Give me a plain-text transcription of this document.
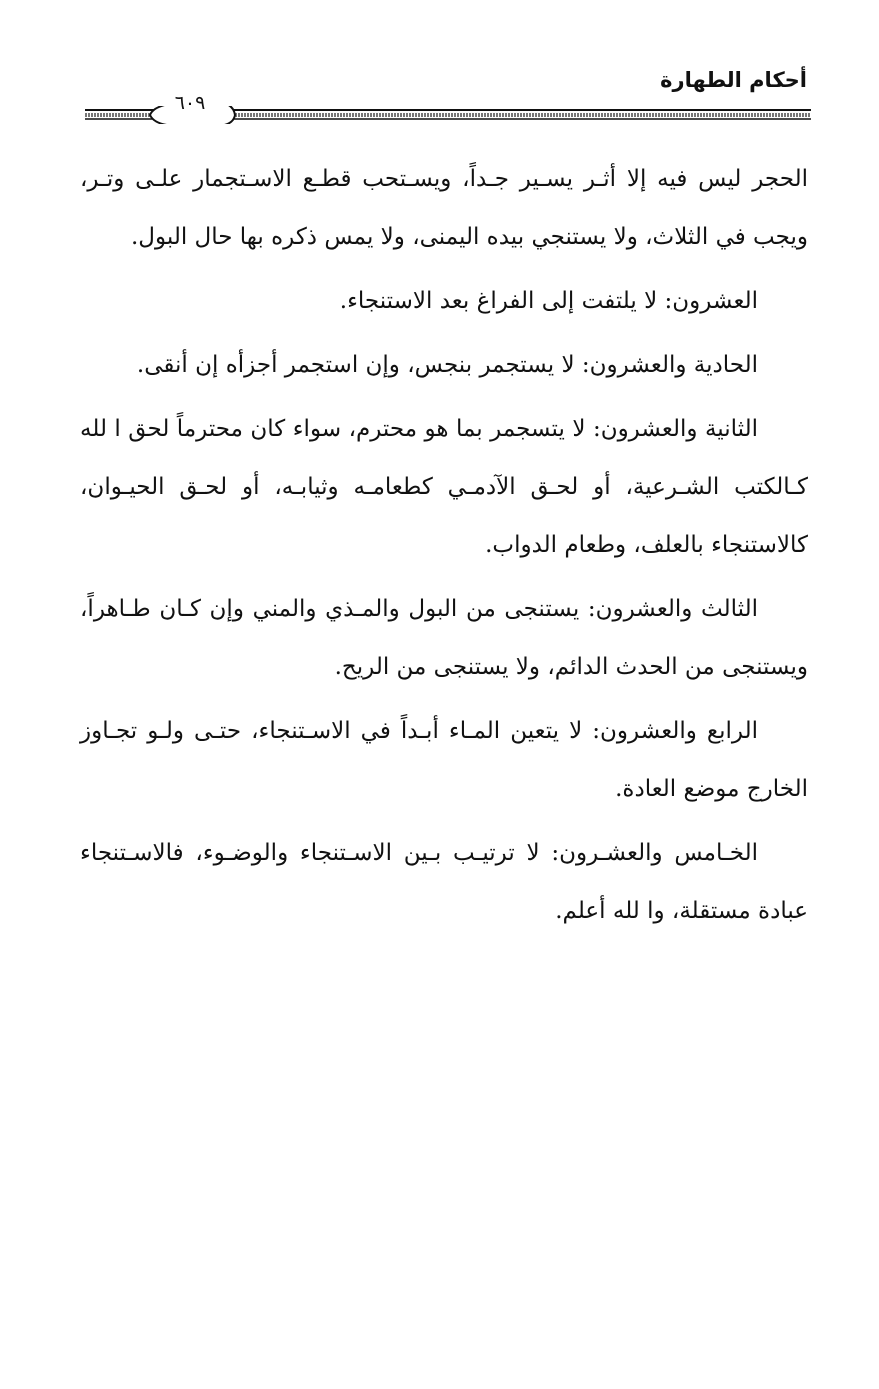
أحكام الطهارة
٦٠٩

الحجر ليس فيه إلا أثـر يسـير جـداً، ويسـتحب قطـع الاسـتجمار علـى وتـر، ويجب في الثلاث، ولا يستنجي بيده اليمنى، ولا يمس ذكره بها حال البول.

العشرون: لا يلتفت إلى الفراغ بعد الاستنجاء.

الحادية والعشرون: لا يستجمر بنجس، وإن استجمر أجزأه إن أنقى.

الثانية والعشرون: لا يتسجمر بما هو محترم، سواء كان محترماً لحق ا لله كـالكتب الشـرعية، أو لحـق الآدمـي كطعامـه وثيابـه، أو لحـق الحيـوان، كالاستنجاء بالعلف، وطعام الدواب.

الثالث والعشرون: يستنجى من البول والمـذي والمني وإن كـان طـاهراً، ويستنجى من الحدث الدائم، ولا يستنجى من الريح.

الرابع والعشرون: لا يتعين المـاء أبـداً في الاسـتنجاء، حتـى ولـو تجـاوز الخارج موضع العادة.

الخـامس والعشـرون: لا ترتيـب بـين الاسـتنجاء والوضـوء، فالاسـتنجاء عبادة مستقلة، وا لله أعلم.
